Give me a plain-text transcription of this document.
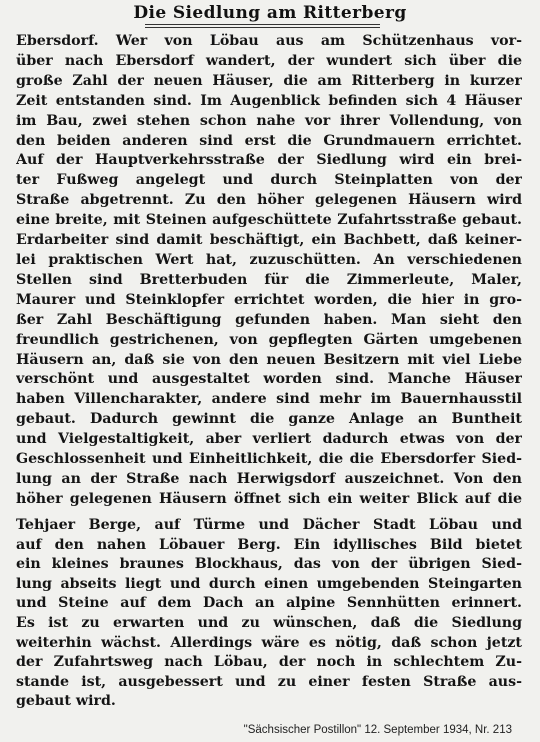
Die Siedlung am Ritterberg
Ebersdorf. Wer von Löbau aus am Schützenhaus vor-
über nach Ebersdorf wandert, der wundert sich über die
große Zahl der neuen Häuser, die am Ritterberg in kurzer
Zeit entstanden sind. Im Augenblick befinden sich 4 Häuser
im Bau, zwei stehen schon nahe vor ihrer Vollendung, von
den beiden anderen sind erst die Grundmauern errichtet.
Auf der Hauptverkehrsstraße der Siedlung wird ein brei-
ter Fußweg angelegt und durch Steinplatten von der
Straße abgetrennt. Zu den höher gelegenen Häusern wird
eine breite, mit Steinen aufgeschüttete Zufahrtsstraße gebaut.
Erdarbeiter sind damit beschäftigt, ein Bachbett, daß keiner-
lei praktischen Wert hat, zuzuschütten. An verschiedenen
Stellen sind Bretterbuden für die Zimmerleute, Maler,
Maurer und Steinklopfer errichtet worden, die hier in gro-
ßer Zahl Beschäftigung gefunden haben. Man sieht den
freundlich gestrichenen, von gepflegten Gärten umgebenen
Häusern an, daß sie von den neuen Besitzern mit viel Liebe
verschönt und ausgestaltet worden sind. Manche Häuser
haben Villencharakter, andere sind mehr im Bauernhausstil
gebaut. Dadurch gewinnt die ganze Anlage an Buntheit
und Vielgestaltigkeit, aber verliert dadurch etwas von der
Geschlossenheit und Einheitlichkeit, die die Ebersdorfer Sied-
lung an der Straße nach Herwigsdorf auszeichnet. Von den
höher gelegenen Häusern öffnet sich ein weiter Blick auf die
Tehjaer Berge, auf Türme und Dächer Stadt Löbau und
auf den nahen Löbauer Berg. Ein idyllisches Bild bietet
ein kleines braunes Blockhaus, das von der übrigen Sied-
lung abseits liegt und durch einen umgebenden Steingarten
und Steine auf dem Dach an alpine Sennhütten erinnert.
Es ist zu erwarten und zu wünschen, daß die Siedlung
weiterhin wächst. Allerdings wäre es nötig, daß schon jetzt
der Zufahrtsweg nach Löbau, der noch in schlechtem Zu-
stande ist, ausgebessert und zu einer festen Straße aus-
gebaut wird.
"Sächsischer Postillon" 12. September 1934, Nr. 213
